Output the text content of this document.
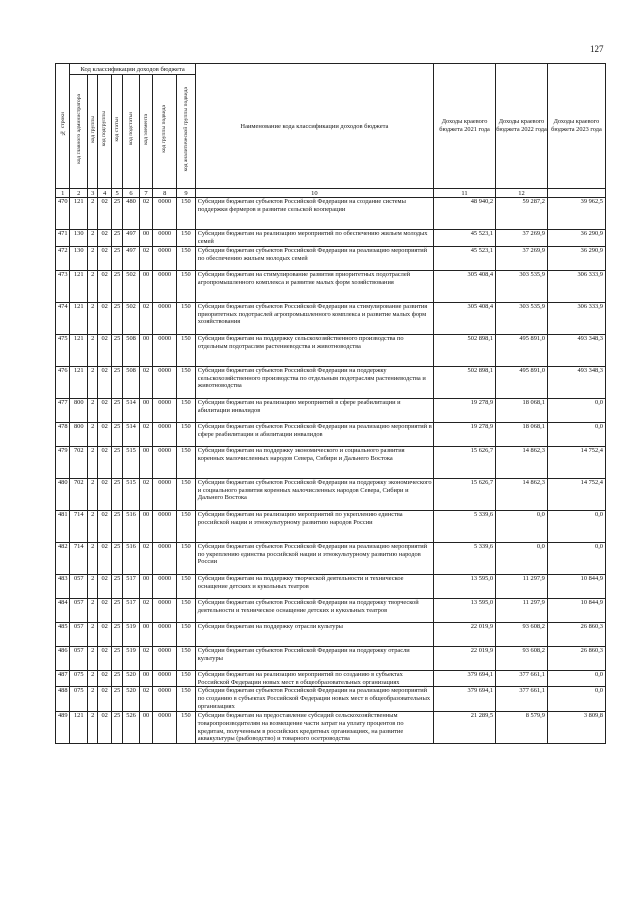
127
№ строки	Код классификации доходов бюджета								Наименование кода классификации доходов бюджета	Доходы краевого бюджета 2021 года	Доходы краевого бюджета 2022 года	Доходы краевого бюджета 2023 года
	код главного администратора	код группы	код подгруппы	код статьи	код подстатьи	код элемента	код группы подвида	код аналитической группы подвида				
1	2	3	4	5	6	7	8	9	10	11	12	
470	121	2	02	25	480	02	0000	150	Субсидии бюджетам субъектов Российской Федерации на создание системы поддержки фермеров и развитие сельской кооперации	48 940,2	59 287,2	39 962,5
471	130	2	02	25	497	00	0000	150	Субсидии бюджетам на реализацию мероприятий по обеспечению жильем молодых семей	45 523,1	37 269,9	36 290,9
472	130	2	02	25	497	02	0000	150	Субсидии бюджетам субъектов Российской Федерации на реализацию мероприятий по обеспечению жильем молодых семей	45 523,1	37 269,9	36 290,9
473	121	2	02	25	502	00	0000	150	Субсидии бюджетам на стимулирование развития приоритетных подотраслей агропромышленного комплекса и развитие малых форм хозяйствования	305 408,4	303 535,9	306 333,9
474	121	2	02	25	502	02	0000	150	Субсидии бюджетам субъектов Российской Федерации на стимулирование развития приоритетных подотраслей агропромышленного комплекса и развитие малых форм хозяйствования	305 408,4	303 535,9	306 333,9
475	121	2	02	25	508	00	0000	150	Субсидии бюджетам на поддержку сельскохозяйственного производства по отдельным подотраслям растениеводства и животноводства	502 898,1	495 891,0	493 348,3
476	121	2	02	25	508	02	0000	150	Субсидии бюджетам субъектов Российской Федерации на поддержку сельскохозяйственного производства по отдельным подотраслям растениеводства и животноводства	502 898,1	495 891,0	493 348,3
477	800	2	02	25	514	00	0000	150	Субсидии бюджетам на реализацию мероприятий в сфере реабилитации и абилитации инвалидов	19 278,9	18 068,1	0,0
478	800	2	02	25	514	02	0000	150	Субсидии бюджетам субъектов Российской Федерации на реализацию мероприятий в сфере реабилитации и абилитации инвалидов	19 278,9	18 068,1	0,0
479	702	2	02	25	515	00	0000	150	Субсидии бюджетам на поддержку экономического и социального развития коренных малочисленных народов Севера, Сибири и Дальнего Востока	15 626,7	14 862,3	14 752,4
480	702	2	02	25	515	02	0000	150	Субсидии бюджетам субъектов Российской Федерации на поддержку экономического и социального развития коренных малочисленных народов Севера, Сибири и Дальнего Востока	15 626,7	14 862,3	14 752,4
481	714	2	02	25	516	00	0000	150	Субсидии бюджетам на реализацию мероприятий по укреплению единства российской нации и этнокультурному развитию народов России	5 339,6	0,0	0,0
482	714	2	02	25	516	02	0000	150	Субсидии бюджетам субъектов Российской Федерации на реализацию мероприятий по укреплению единства российской нации и этнокультурному развитию народов России	5 339,6	0,0	0,0
483	057	2	02	25	517	00	0000	150	Субсидии бюджетам на поддержку творческой деятельности и техническое оснащение детских и кукольных театров	13 595,0	11 297,9	10 844,9
484	057	2	02	25	517	02	0000	150	Субсидии бюджетам субъектов Российской Федерации на поддержку творческой деятельности и техническое оснащение детских и кукольных театров	13 595,0	11 297,9	10 844,9
485	057	2	02	25	519	00	0000	150	Субсидии бюджетам на поддержку отрасли культуры	22 019,9	93 608,2	26 860,3
486	057	2	02	25	519	02	0000	150	Субсидии бюджетам субъектов Российской Федерации на поддержку отрасли культуры	22 019,9	93 608,2	26 860,3
487	075	2	02	25	520	00	0000	150	Субсидии бюджетам на реализацию мероприятий по созданию в субъектах Российской Федерации новых мест в общеобразовательных организациях	379 694,1	377 661,1	0,0
488	075	2	02	25	520	02	0000	150	Субсидии бюджетам субъектов Российской Федерации на реализацию мероприятий по созданию в субъектах Российской Федерации новых мест в общеобразовательных организациях	379 694,1	377 661,1	0,0
489	121	2	02	25	526	00	0000	150	Субсидии бюджетам на предоставление субсидий сельскохозяйственным товаропроизводителям на возмещение части затрат на уплату процентов по кредитам, полученным в российских кредитных организациях, на развитие аквакультуры (рыбоводство) и товарного осетроводства	21 289,5	8 579,9	3 809,8
